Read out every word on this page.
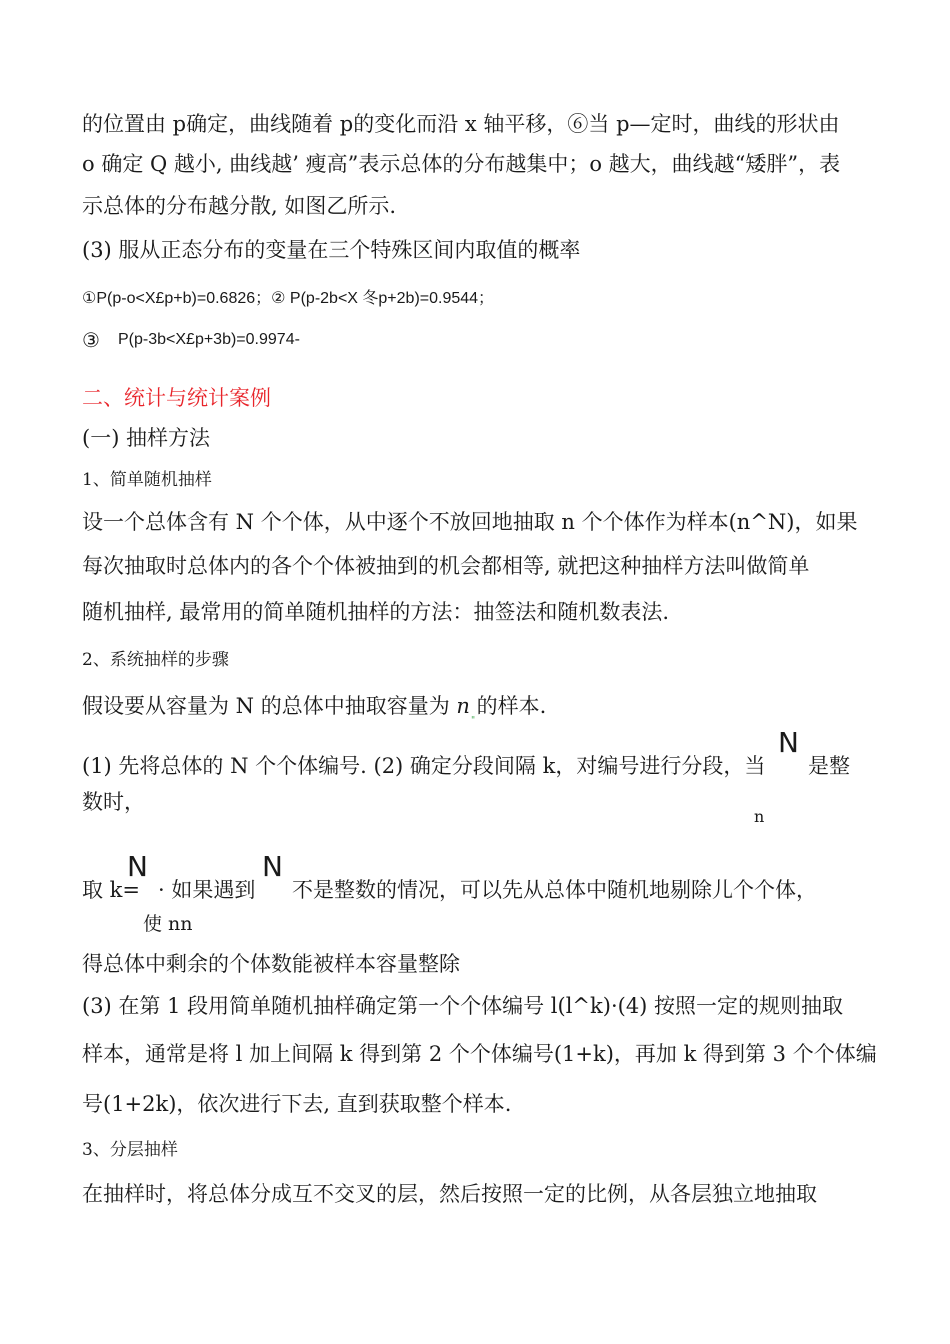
的位置由 p确定，曲线随着 p的变化而沿 x 轴平移，⑥当 p—定时，曲线的形状由
o 确定 Q 越小, 曲线越’ 瘦高”表示总体的分布越集中；o 越大，曲线越“矮胖”，表
示总体的分布越分散, 如图乙所示.
(3) 服从正态分布的变量在三个特殊区间内取值的概率
①P(p-o<X£p+b)=0.6826；② P(p-2b<X 冬p+2b)=0.9544；
③ P(p-3b<X£p+3b)=0.9974-
二、统计与统计案例
(一) 抽样方法
1、简单随机抽样
设一个总体含有 N 个个体，从中逐个不放回地抽取 n 个个体作为样本(n^N)，如果
每次抽取时总体内的各个个体被抽到的机会都相等, 就把这种抽样方法叫做简单
随机抽样, 最常用的简单随机抽样的方法：抽签法和随机数表法.
2、系统抽样的步骤
假设要从容量为 N 的总体中抽取容量为 n 的样本.
"
(1) 先将总体的 N 个个体编号. (2) 确定分段间隔 k，对编号进行分段，当
N
是整
数时，
n
取 k=
N
· 如果遇到
N
不是整数的情况，可以先从总体中随机地剔除儿个个体，
使 nn
得总体中剩余的个体数能被样本容量整除
(3) 在第 1 段用简单随机抽样确定第一个个体编号 l(l^k)·(4) 按照一定的规则抽取
样本，通常是将 l 加上间隔 k 得到第 2 个个体编号(1+k)，再加 k 得到第 3 个个体编
号(1+2k)，依次进行下去, 直到获取整个样本.
3、分层抽样
在抽样时，将总体分成互不交叉的层，然后按照一定的比例，从各层独立地抽取
